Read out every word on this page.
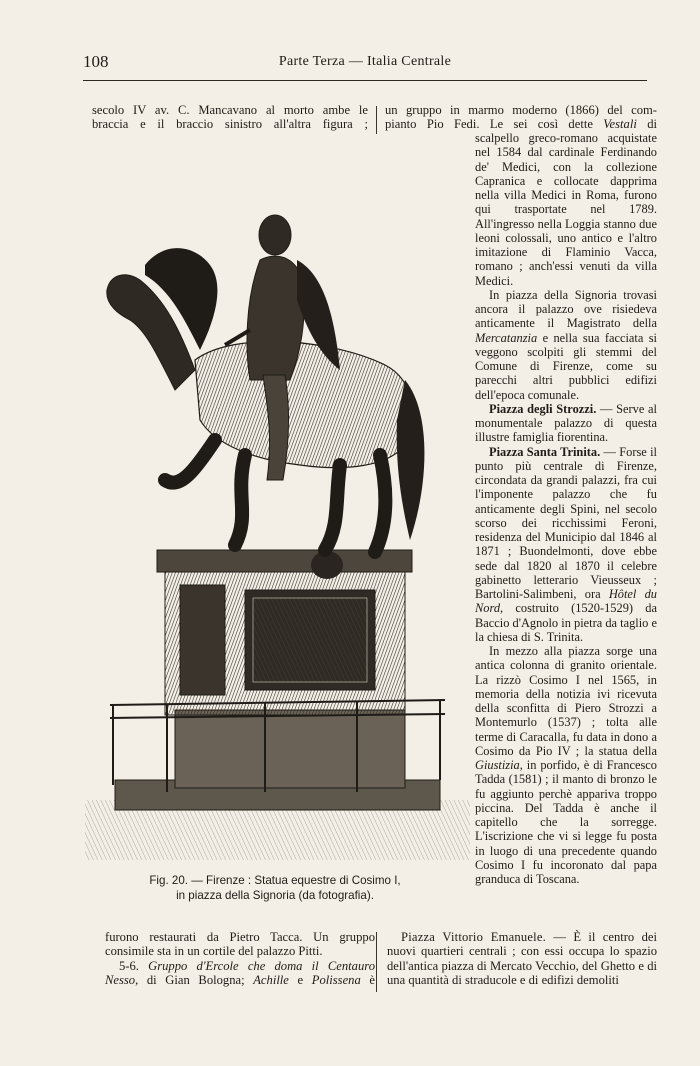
108	Parte Terza — Italia Centrale

secolo IV av. C. Mancavano al morto ambe le

braccia e il braccio sinistro all'altra figura ;

un gruppo in marmo moderno (1866) del com-

pianto Pio Fedi. Le sei così dette Vestali di

scalpello greco-romano acquistate nel 1584 dal cardinale Ferdinando de' Medici, con la collezione Capranica e collocate dapprima nella villa Medici in Roma, furono qui trasportate nel 1789. All'ingresso nella Loggia stanno due leoni colossali, uno antico e l'altro imitazione di Flaminio Vacca, romano ; anch'essi venuti da villa Medici.

In piazza della Signoria trovasi ancora il palazzo ove risiedeva anticamente il Magistrato della Mercatanzia e nella sua facciata si veggono scolpiti gli stemmi del Comune di Firenze, come su parecchi altri pubblici edifizi dell'epoca comunale.

Piazza degli Strozzi. — Serve al monumentale palazzo di questa illustre famiglia fiorentina.

Piazza Santa Trinita. — Forse il punto più centrale di Firenze, circondata da grandi palazzi, fra cui l'imponente palazzo che fu anticamente degli Spini, nel secolo scorso dei ricchissimi Feroni, residenza del Municipio dal 1846 al 1871 ; Buondelmonti, dove ebbe sede dal 1820 al 1870 il celebre gabinetto letterario Vieusseux ; Bartolini-Salimbeni, ora Hôtel du Nord, costruito (1520-1529) da Baccio d'Agnolo in pietra da taglio e la chiesa di S. Trinita.

In mezzo alla piazza sorge una antica colonna di granito orientale. La rizzò Cosimo I nel 1565, in memoria della notizia ivi ricevuta della sconfitta di Piero Strozzi a Montemurlo (1537) ; tolta alle terme di Caracalla, fu data in dono a Cosimo da Pio IV ; la statua della Giustizia, in porfido, è di Francesco Tadda (1581) ; il manto di bronzo le fu aggiunto perchè appariva troppo piccina. Del Tadda è anche il capitello che la sorregge. L'iscrizione che vi si legge fu posta in luogo di una precedente quando Cosimo I fu incoronato dal papa granduca di Toscana.

Fig. 20. — Firenze : Statua equestre di Cosimo I,
in piazza della Signoria (da fotografia).

furono restaurati da Pietro Tacca. Un gruppo

consimile sta in un cortile del palazzo Pitti.

5-6. Gruppo d'Ercole che doma il Centauro

Nesso, di Gian Bologna; Achille e Polissena è

Piazza Vittorio Emanuele. — È il centro dei nuovi quartieri centrali ; con essi occupa lo spazio dell'antica piazza di Mercato Vecchio, del Ghetto e di una quantità di straducole e di edifizi demoliti
